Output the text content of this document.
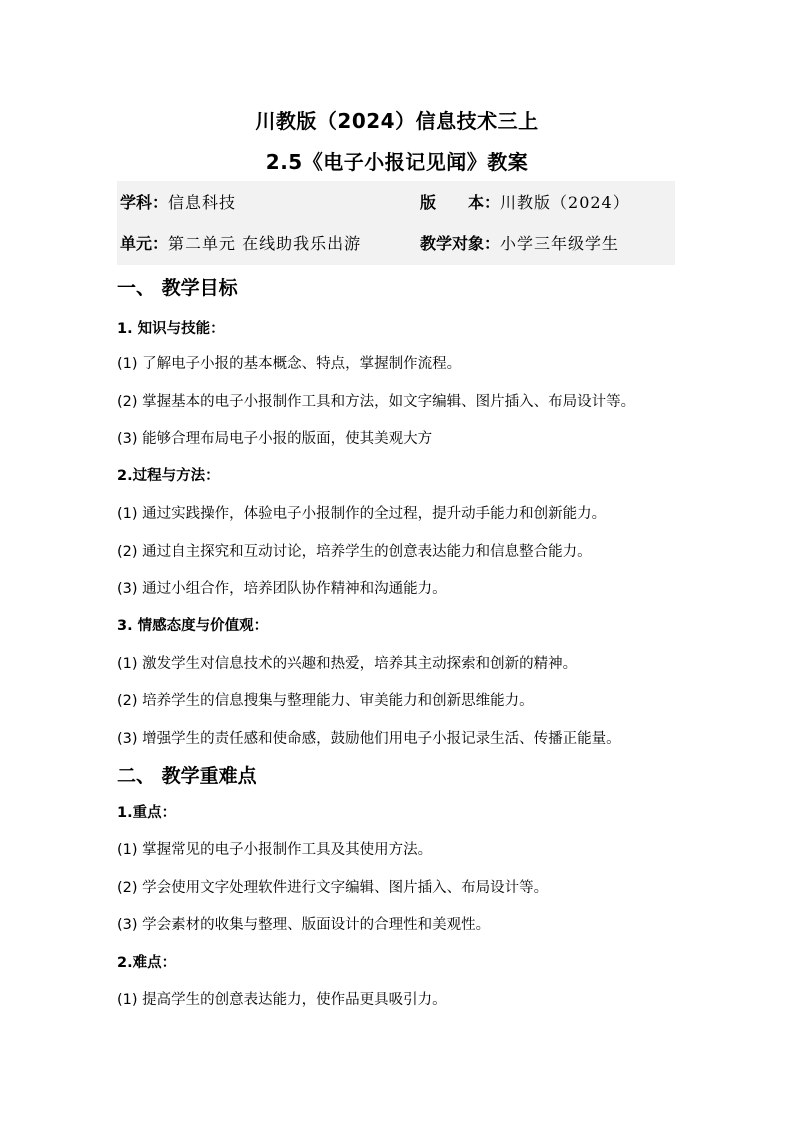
川教版（2024）信息技术三上
2.5《电子小报记见闻》教案
学科：信息科技	版　　本：川教版（2024）
单元：第二单元 在线助我乐出游	教学对象：小学三年级学生
一、 教学目标
1. 知识与技能：
(1) 了解电子小报的基本概念、特点，掌握制作流程。
(2) 掌握基本的电子小报制作工具和方法，如文字编辑、图片插入、布局设计等。
(3) 能够合理布局电子小报的版面，使其美观大方
2.过程与方法：
(1) 通过实践操作，体验电子小报制作的全过程，提升动手能力和创新能力。
(2) 通过自主探究和互动讨论，培养学生的创意表达能力和信息整合能力。
(3) 通过小组合作，培养团队协作精神和沟通能力。
3. 情感态度与价值观：
(1) 激发学生对信息技术的兴趣和热爱，培养其主动探索和创新的精神。
(2) 培养学生的信息搜集与整理能力、审美能力和创新思维能力。
(3) 增强学生的责任感和使命感，鼓励他们用电子小报记录生活、传播正能量。
二、 教学重难点
1.重点：
(1) 掌握常见的电子小报制作工具及其使用方法。
(2) 学会使用文字处理软件进行文字编辑、图片插入、布局设计等。
(3) 学会素材的收集与整理、版面设计的合理性和美观性。
2.难点：
(1) 提高学生的创意表达能力，使作品更具吸引力。
